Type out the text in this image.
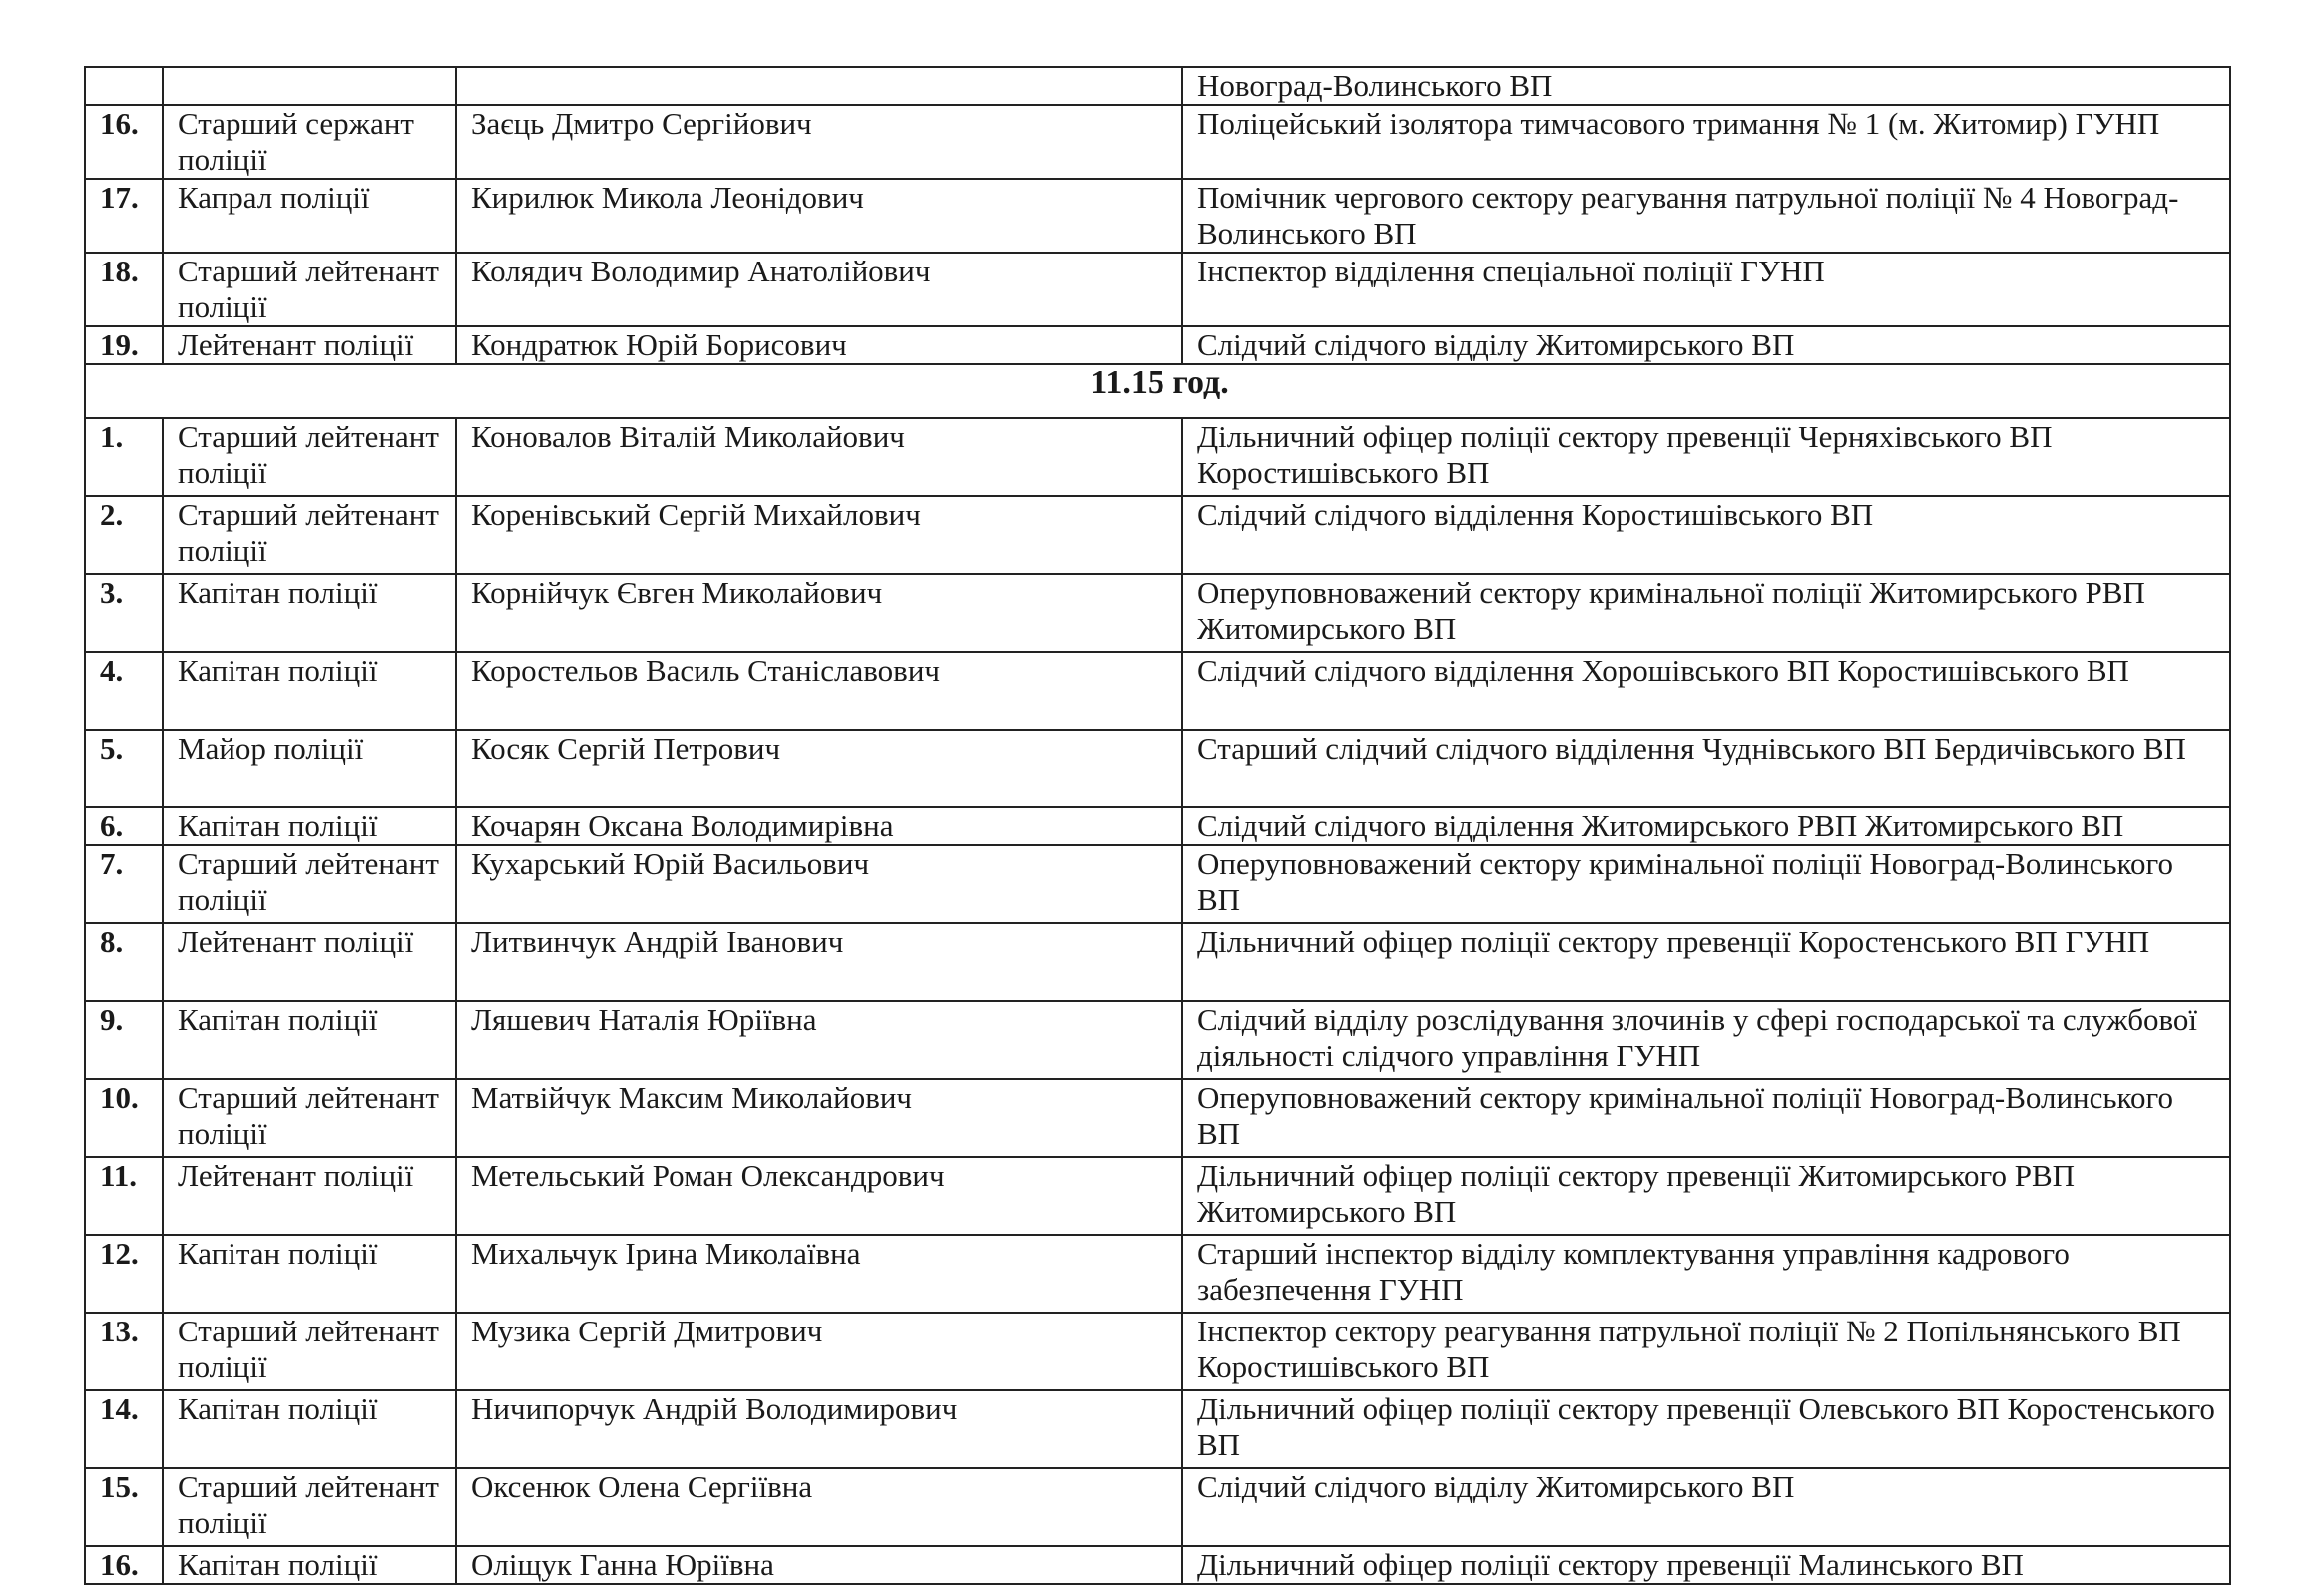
			Новоград-Волинського ВП
16.	Старший сержант поліції	Заєць Дмитро Сергійович	Поліцейський ізолятора тимчасового тримання № 1 (м. Житомир) ГУНП
17.	Капрал поліції	Кирилюк Микола Леонідович	Помічник чергового сектору реагування патрульної поліції № 4 Новоград-Волинського ВП
18.	Старший лейтенант поліції	Колядич Володимир Анатолійович	Інспектор відділення спеціальної поліції ГУНП
19.	Лейтенант поліції	Кондратюк Юрій Борисович	Слідчий слідчого відділу Житомирського ВП
11.15 год.			
1.	Старший лейтенант поліції	Коновалов Віталій Миколайович	Дільничний офіцер поліції сектору превенції Черняхівського ВП Коростишівського ВП
2.	Старший лейтенант поліції	Коренівський Сергій Михайлович	Слідчий слідчого відділення Коростишівського ВП
3.	Капітан поліції	Корнійчук Євген Миколайович	Оперуповноважений сектору кримінальної поліції Житомирського РВП Житомирського ВП
4.	Капітан поліції	Коростельов Василь Станіславович	Слідчий слідчого відділення Хорошівського ВП Коростишівського ВП
5.	Майор поліції	Косяк Сергій Петрович	Старший слідчий слідчого відділення Чуднівського ВП Бердичівського ВП
6.	Капітан поліції	Кочарян Оксана Володимирівна	Слідчий слідчого відділення Житомирського РВП Житомирського ВП
7.	Старший лейтенант поліції	Кухарський Юрій Васильович	Оперуповноважений сектору кримінальної поліції Новоград-Волинського ВП
8.	Лейтенант поліції	Литвинчук Андрій Іванович	Дільничний офіцер поліції сектору превенції Коростенського ВП ГУНП
9.	Капітан поліції	Ляшевич Наталія Юріївна	Слідчий відділу розслідування злочинів у сфері господарської та службової діяльності слідчого управління ГУНП
10.	Старший лейтенант поліції	Матвійчук Максим Миколайович	Оперуповноважений сектору кримінальної поліції Новоград-Волинського ВП
11.	Лейтенант поліції	Метельський Роман Олександрович	Дільничний офіцер поліції сектору превенції Житомирського РВП Житомирського ВП
12.	Капітан поліції	Михальчук Ірина Миколаївна	Старший інспектор відділу комплектування управління кадрового забезпечення ГУНП
13.	Старший лейтенант поліції	Музика Сергій Дмитрович	Інспектор сектору реагування патрульної поліції № 2 Попільнянського ВП Коростишівського ВП
14.	Капітан поліції	Ничипорчук Андрій Володимирович	Дільничний офіцер поліції сектору превенції Олевського ВП Коростенського ВП
15.	Старший лейтенант поліції	Оксенюк Олена Сергіївна	Слідчий слідчого відділу Житомирського ВП
16.	Капітан поліції	Оліщук Ганна Юріївна	Дільничний офіцер поліції сектору превенції Малинського ВП
